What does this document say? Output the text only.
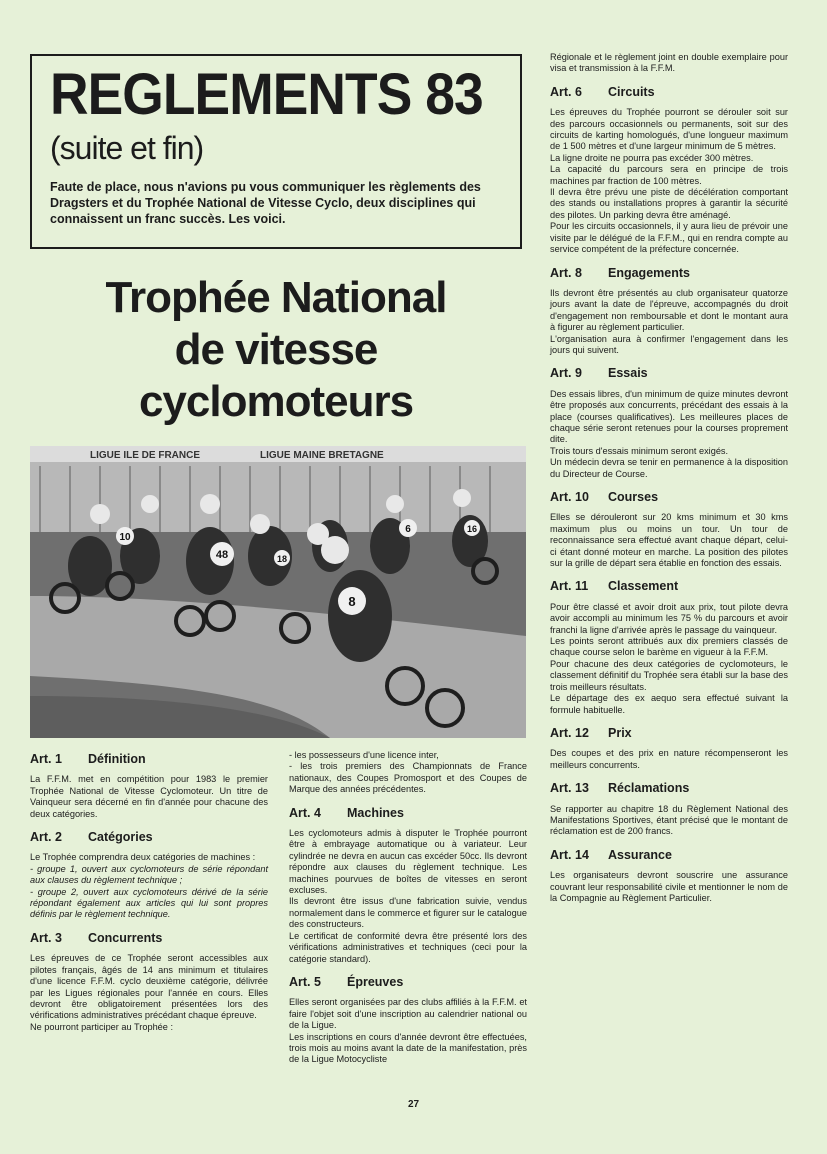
REGLEMENTS 83
(suite et fin)
Faute de place, nous n'avions pu vous communiquer les règlements des Dragsters et du Trophée National de Vitesse Cyclo, deux disciplines qui connaissent un franc succès. Les voici.
Trophée National
de vitesse
cyclomoteurs
LIGUE ILE DE FRANCE	LIGUE MAINE BRETAGNE
10
48
6
8
18
16
Art. 1 Définition

La F.F.M. met en compétition pour 1983 le premier Trophée National de Vitesse Cyclomoteur. Un titre de Vainqueur sera décerné en fin d'année pour chacune des deux catégories.

Art. 2 Catégories

Le Trophée comprendra deux catégories de machines :

- groupe 1, ouvert aux cyclomoteurs de série répondant aux clauses du règlement technique ;

- groupe 2, ouvert aux cyclomoteurs dérivé de la série répondant également aux articles qui lui sont propres définis par le règlement technique.

Art. 3 Concurrents

Les épreuves de ce Trophée seront accessibles aux pilotes français, âgés de 14 ans minimum et titulaires d'une licence F.F.M. cyclo deuxième catégorie, délivrée par les Ligues régionales pour l'année en cours. Elles devront être obligatoirement présentées lors des vérifications administratives précédant chaque épreuve.

Ne pourront participer au Trophée :

- les possesseurs d'une licence inter,

- les trois premiers des Championnats de France nationaux, des Coupes Promosport et des Coupes de Marque des années précédentes.

Art. 4 Machines

Les cyclomoteurs admis à disputer le Trophée pourront être à embrayage automatique ou à variateur. Leur cylindrée ne devra en aucun cas excéder 50cc. Ils devront répondre aux clauses du règlement technique. Les machines pourvues de boîtes de vitesses en seront excluses.

Ils devront être issus d'une fabrication suivie, vendus normalement dans le commerce et figurer sur le catalogue des constructeurs.

Le certificat de conformité devra être présenté lors des vérifications administratives et techniques (ceci pour la catégorie standard).

Art. 5 Épreuves

Elles seront organisées par des clubs affiliés à la F.F.M. et faire l'objet soit d'une inscription au calendrier national ou de la Ligue.

Les inscriptions en cours d'année devront être effectuées, trois mois au moins avant la date de la manifestation, près de la Ligue Motocycliste

Régionale et le règlement joint en double exemplaire pour visa et transmission à la F.F.M.

Art. 6 Circuits

Les épreuves du Trophée pourront se dérouler soit sur des parcours occasionnels ou permanents, soit sur des circuits de karting homologués, d'une longueur maximum de 1 500 mètres et d'une largeur minimum de 5 mètres.

La ligne droite ne pourra pas excéder 300 mètres.

La capacité du parcours sera en principe de trois machines par fraction de 100 mètres.

Il devra être prévu une piste de décélération comportant des stands ou installations propres à garantir la sécurité des pilotes. Un parking devra être aménagé.

Pour les circuits occasionnels, il y aura lieu de prévoir une visite par le délégué de la F.F.M., qui en rendra compte au service compétent de la préfecture concernée.

Art. 8 Engagements

Ils devront être présentés au club organisateur quatorze jours avant la date de l'épreuve, accompagnés du droit d'engagement non remboursable et dont le montant aura à figurer au règlement particulier.

L'organisation aura à confirmer l'engagement dans les jours qui suivent.

Art. 9 Essais

Des essais libres, d'un minimum de quize minutes devront être proposés aux concurrents, précédant des essais à la place (courses qualificatives). Les meilleures places de chaque série seront retenues pour la courses proprement dite.

Trois tours d'essais minimum seront exigés.

Un médecin devra se tenir en permanence à la disposition du Directeur de Course.

Art. 10 Courses

Elles se dérouleront sur 20 kms minimum et 30 kms maximum plus ou moins un tour. Un tour de reconnaissance sera effectué avant chaque départ, celui-ci étant donné moteur en marche. La position des pilotes sur la grille de départ sera établie en fonction des essais.

Art. 11 Classement

Pour être classé et avoir droit aux prix, tout pilote devra avoir accompli au minimum les 75 % du parcours et avoir franchi la ligne d'arrivée après le passage du vainqueur.

Les points seront attribués aux dix premiers classés de chaque course selon le barème en vigueur à la F.F.M.

Pour chacune des deux catégories de cyclomoteurs, le classement définitif du Trophée sera établi sur la base des trois meilleurs résultats.

Le départage des ex aequo sera effectué suivant la formule habituelle.

Art. 12 Prix

Des coupes et des prix en nature récompenseront les meilleurs concurrents.

Art. 13 Réclamations

Se rapporter au chapitre 18 du Règlement National des Manifestations Sportives, étant précisé que le montant de réclamation est de 200 francs.

Art. 14 Assurance

Les organisateurs devront souscrire une assurance couvrant leur responsabilité civile et mentionner le nom de la Compagnie au Règlement Particulier.

27
